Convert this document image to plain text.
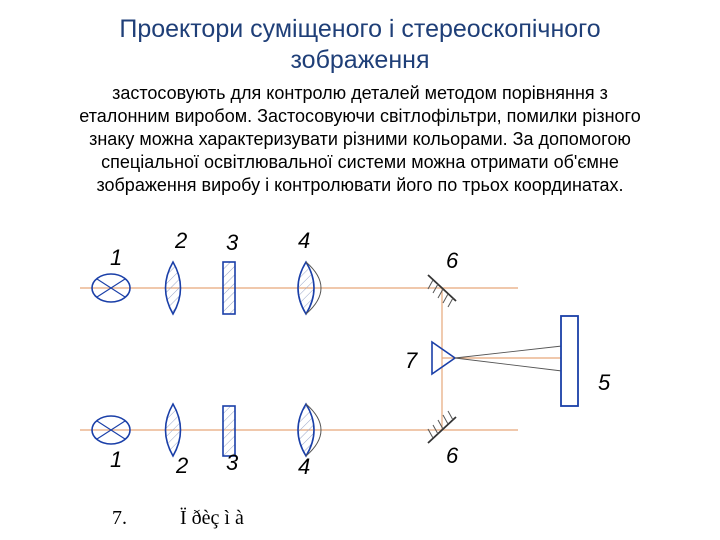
Проектори суміщеного і стереоскопічного
зображення
застосовують для контролю деталей методом порівняння з
еталонним виробом. Застосовуючи світлофільтри, помилки різного
знаку можна характеризувати різними кольорами. За допомогою
спеціальної освітлювальної системи можна отримати об'ємне
зображення виробу і контролювати його по трьох координатах.
1
2 3	4
6
7
5
1 2 3	4	6
7.	Ї ðèç ì à
